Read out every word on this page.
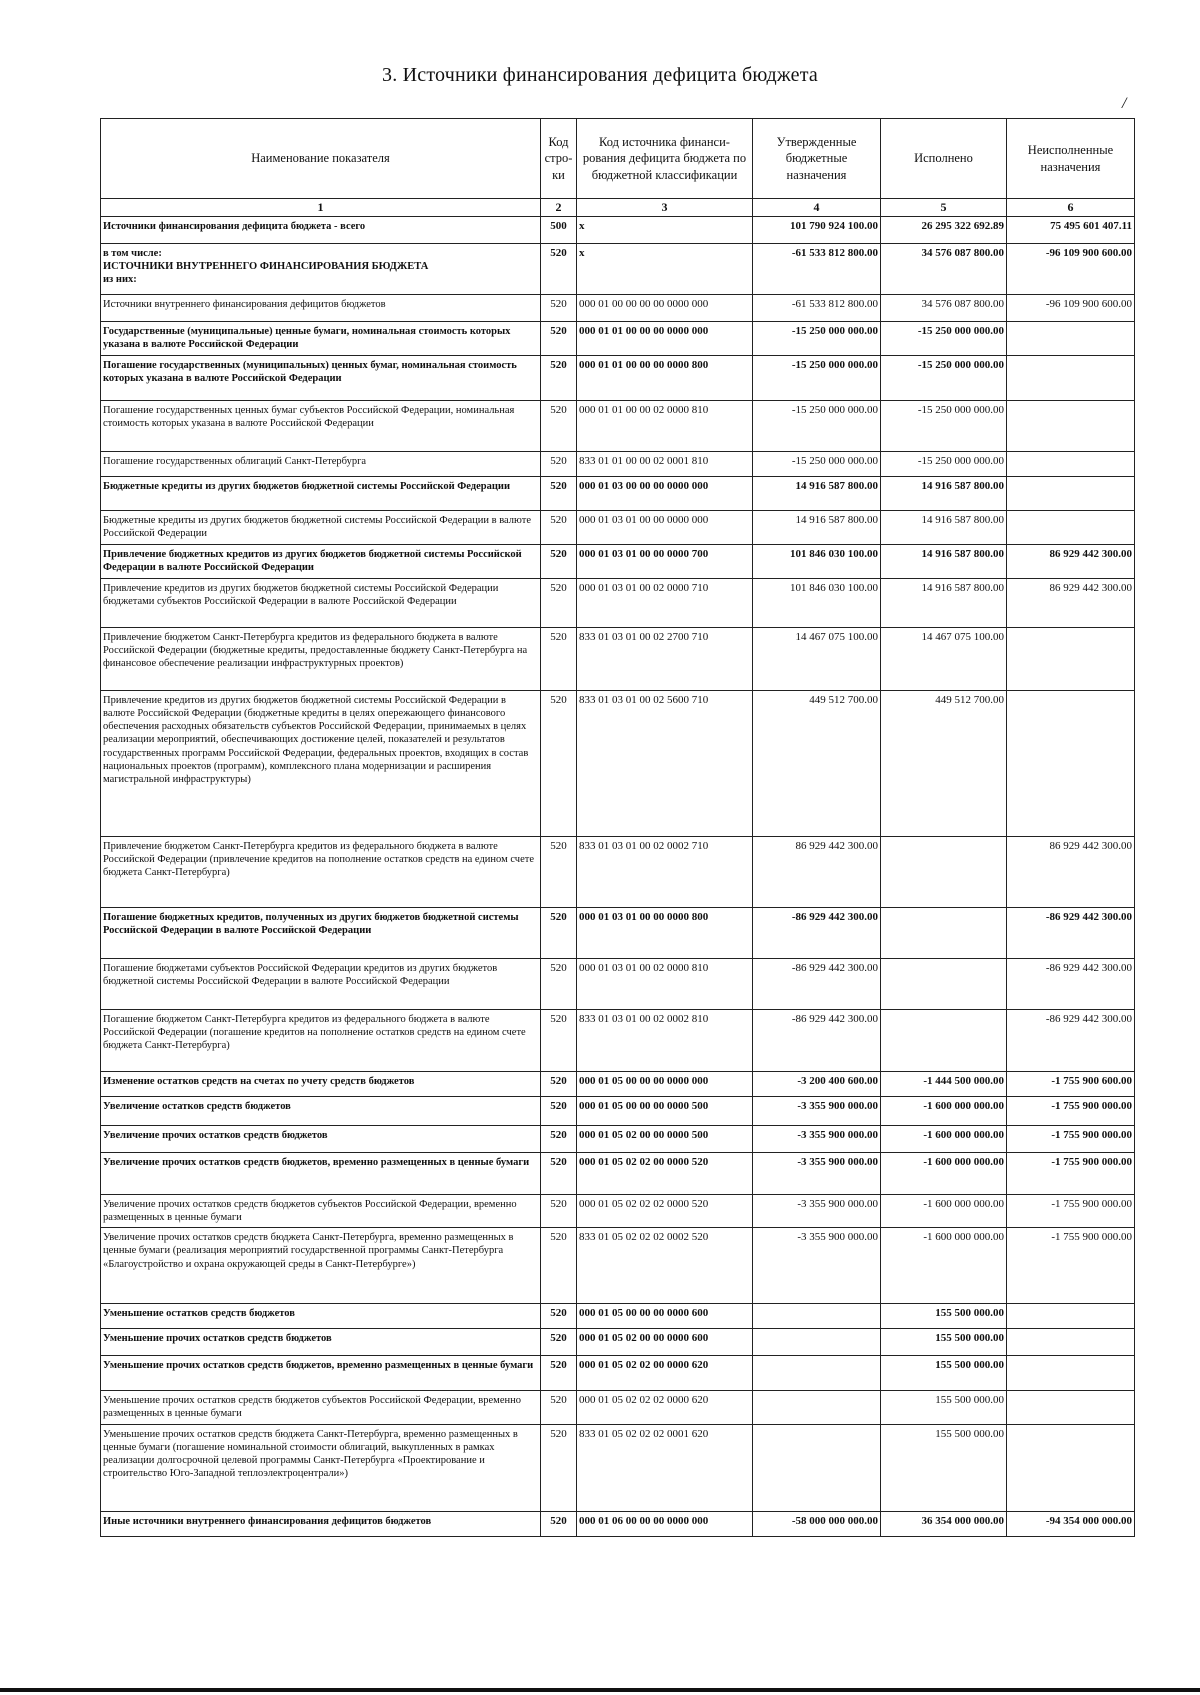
3. Источники финансирования дефицита бюджета
/
Наименование показателя	Код стро-ки	Код источника финанси-рования дефицита бюджета по бюджетной классификации	Утвержденные бюджетные назначения	Исполнено	Неисполненные назначения
1	2	3	4	5	6
Источники финансирования дефицита бюджета - всего	500	x	101 790 924 100.00	26 295 322 692.89	75 495 601 407.11
в том числе:
ИСТОЧНИКИ ВНУТРЕННЕГО ФИНАНСИРОВАНИЯ БЮДЖЕТА
из них:	520	x	-61 533 812 800.00	34 576 087 800.00	-96 109 900 600.00
Источники внутреннего финансирования дефицитов бюджетов	520	000 01 00 00 00 00 0000 000	-61 533 812 800.00	34 576 087 800.00	-96 109 900 600.00
Государственные (муниципальные) ценные бумаги, номинальная стоимость которых указана в валюте Российской Федерации	520	000 01 01 00 00 00 0000 000	-15 250 000 000.00	-15 250 000 000.00	
Погашение государственных (муниципальных) ценных бумаг, номинальная стоимость которых указана в валюте Российской Федерации	520	000 01 01 00 00 00 0000 800	-15 250 000 000.00	-15 250 000 000.00	
Погашение государственных ценных бумаг субъектов Российской Федерации, номинальная стоимость которых указана в валюте Российской Федерации	520	000 01 01 00 00 02 0000 810	-15 250 000 000.00	-15 250 000 000.00	
Погашение государственных облигаций Санкт-Петербурга	520	833 01 01 00 00 02 0001 810	-15 250 000 000.00	-15 250 000 000.00	
Бюджетные кредиты из других бюджетов бюджетной системы Российской Федерации	520	000 01 03 00 00 00 0000 000	14 916 587 800.00	14 916 587 800.00	
Бюджетные кредиты из других бюджетов бюджетной системы Российской Федерации в валюте Российской Федерации	520	000 01 03 01 00 00 0000 000	14 916 587 800.00	14 916 587 800.00	
Привлечение бюджетных кредитов из других бюджетов бюджетной системы Российской Федерации в валюте Российской Федерации	520	000 01 03 01 00 00 0000 700	101 846 030 100.00	14 916 587 800.00	86 929 442 300.00
Привлечение кредитов из других бюджетов бюджетной системы Российской Федерации бюджетами субъектов Российской Федерации в валюте Российской Федерации	520	000 01 03 01 00 02 0000 710	101 846 030 100.00	14 916 587 800.00	86 929 442 300.00
Привлечение бюджетом Санкт-Петербурга кредитов из федерального бюджета в валюте Российской Федерации (бюджетные кредиты, предоставленные бюджету Санкт-Петербурга на финансовое обеспечение реализации инфраструктурных проектов)	520	833 01 03 01 00 02 2700 710	14 467 075 100.00	14 467 075 100.00	
Привлечение кредитов из других бюджетов бюджетной системы Российской Федерации в валюте Российской Федерации (бюджетные кредиты в целях опережающего финансового обеспечения расходных обязательств субъектов Российской Федерации, принимаемых в целях реализации мероприятий, обеспечивающих достижение целей, показателей и результатов государственных программ Российской Федерации, федеральных проектов, входящих в состав национальных проектов (программ), комплексного плана модернизации и расширения магистральной инфраструктуры)	520	833 01 03 01 00 02 5600 710	449 512 700.00	449 512 700.00	
Привлечение бюджетом Санкт-Петербурга кредитов из федерального бюджета в валюте Российской Федерации (привлечение кредитов на пополнение остатков средств на едином счете бюджета Санкт-Петербурга)	520	833 01 03 01 00 02 0002 710	86 929 442 300.00		86 929 442 300.00
Погашение бюджетных кредитов, полученных из других бюджетов бюджетной системы Российской Федерации в валюте Российской Федерации	520	000 01 03 01 00 00 0000 800	-86 929 442 300.00		-86 929 442 300.00
Погашение бюджетами субъектов Российской Федерации кредитов из других бюджетов бюджетной системы Российской Федерации в валюте Российской Федерации	520	000 01 03 01 00 02 0000 810	-86 929 442 300.00		-86 929 442 300.00
Погашение бюджетом Санкт-Петербурга кредитов из федерального бюджета в валюте Российской Федерации (погашение кредитов на пополнение остатков средств на едином счете бюджета Санкт-Петербурга)	520	833 01 03 01 00 02 0002 810	-86 929 442 300.00		-86 929 442 300.00
Изменение остатков средств на счетах по учету средств бюджетов	520	000 01 05 00 00 00 0000 000	-3 200 400 600.00	-1 444 500 000.00	-1 755 900 600.00
Увеличение остатков средств бюджетов	520	000 01 05 00 00 00 0000 500	-3 355 900 000.00	-1 600 000 000.00	-1 755 900 000.00
Увеличение прочих остатков средств бюджетов	520	000 01 05 02 00 00 0000 500	-3 355 900 000.00	-1 600 000 000.00	-1 755 900 000.00
Увеличение прочих остатков средств бюджетов, временно размещенных в ценные бумаги	520	000 01 05 02 02 00 0000 520	-3 355 900 000.00	-1 600 000 000.00	-1 755 900 000.00
Увеличение прочих остатков средств бюджетов субъектов Российской Федерации, временно размещенных в ценные бумаги	520	000 01 05 02 02 02 0000 520	-3 355 900 000.00	-1 600 000 000.00	-1 755 900 000.00
Увеличение прочих остатков средств бюджета Санкт-Петербурга, временно размещенных в ценные бумаги (реализация мероприятий государственной программы Санкт-Петербурга «Благоустройство и охрана окружающей среды в Санкт-Петербурге»)	520	833 01 05 02 02 02 0002 520	-3 355 900 000.00	-1 600 000 000.00	-1 755 900 000.00
Уменьшение остатков средств бюджетов	520	000 01 05 00 00 00 0000 600		155 500 000.00	
Уменьшение прочих остатков средств бюджетов	520	000 01 05 02 00 00 0000 600		155 500 000.00	
Уменьшение прочих остатков средств бюджетов, временно размещенных в ценные бумаги	520	000 01 05 02 02 00 0000 620		155 500 000.00	
Уменьшение прочих остатков средств бюджетов субъектов Российской Федерации, временно размещенных в ценные бумаги	520	000 01 05 02 02 02 0000 620		155 500 000.00	
Уменьшение прочих остатков средств бюджета Санкт-Петербурга, временно размещенных в ценные бумаги (погашение номинальной стоимости облигаций, выкупленных в рамках реализации долгосрочной целевой программы Санкт-Петербурга «Проектирование и строительство Юго-Западной теплоэлектроцентрали»)	520	833 01 05 02 02 02 0001 620		155 500 000.00	
Иные источники внутреннего финансирования дефицитов бюджетов	520	000 01 06 00 00 00 0000 000	-58 000 000 000.00	36 354 000 000.00	-94 354 000 000.00
